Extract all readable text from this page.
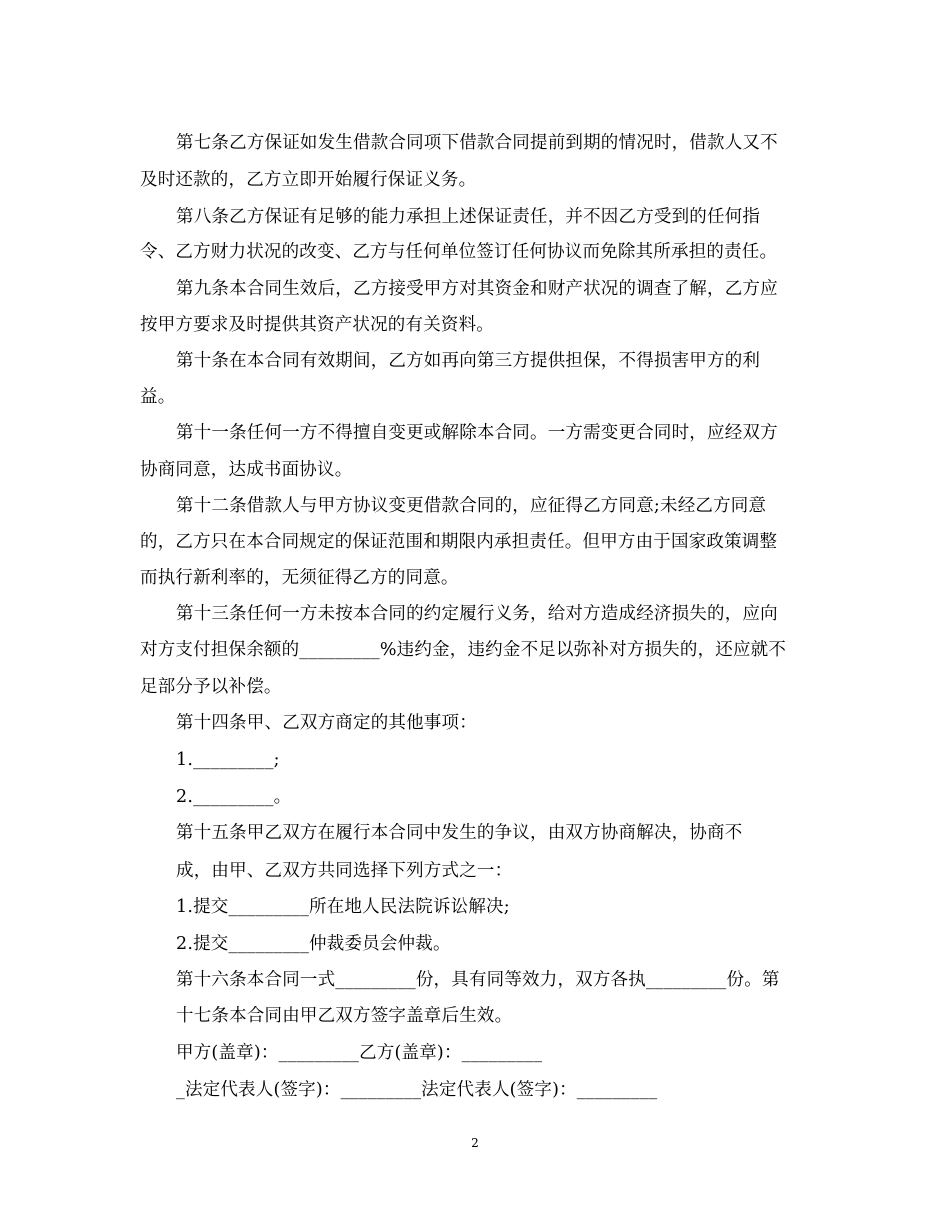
第七条乙方保证如发生借款合同项下借款合同提前到期的情况时，借款人又不
及时还款的，乙方立即开始履行保证义务。
第八条乙方保证有足够的能力承担上述保证责任，并不因乙方受到的任何指
令、乙方财力状况的改变、乙方与任何单位签订任何协议而免除其所承担的责任。
第九条本合同生效后，乙方接受甲方对其资金和财产状况的调查了解，乙方应
按甲方要求及时提供其资产状况的有关资料。
第十条在本合同有效期间，乙方如再向第三方提供担保，不得损害甲方的利
益。
第十一条任何一方不得擅自变更或解除本合同。一方需变更合同时，应经双方
协商同意，达成书面协议。
第十二条借款人与甲方协议变更借款合同的，应征得乙方同意;未经乙方同意
的，乙方只在本合同规定的保证范围和期限内承担责任。但甲方由于国家政策调整
而执行新利率的，无须征得乙方的同意。
第十三条任何一方未按本合同的约定履行义务，给对方造成经济损失的，应向
对方支付担保余额的_________%违约金，违约金不足以弥补对方损失的，还应就不
足部分予以补偿。
第十四条甲、乙双方商定的其他事项：
1._________;
2._________。
第十五条甲乙双方在履行本合同中发生的争议，由双方协商解决，协商不
成，由甲、乙双方共同选择下列方式之一：
1.提交_________所在地人民法院诉讼解决;
2.提交_________仲裁委员会仲裁。
第十六条本合同一式_________份，具有同等效力，双方各执_________份。第
十七条本合同由甲乙双方签字盖章后生效。
甲方(盖章)：_________乙方(盖章)：_________
_法定代表人(签字)：_________法定代表人(签字)：_________
2
